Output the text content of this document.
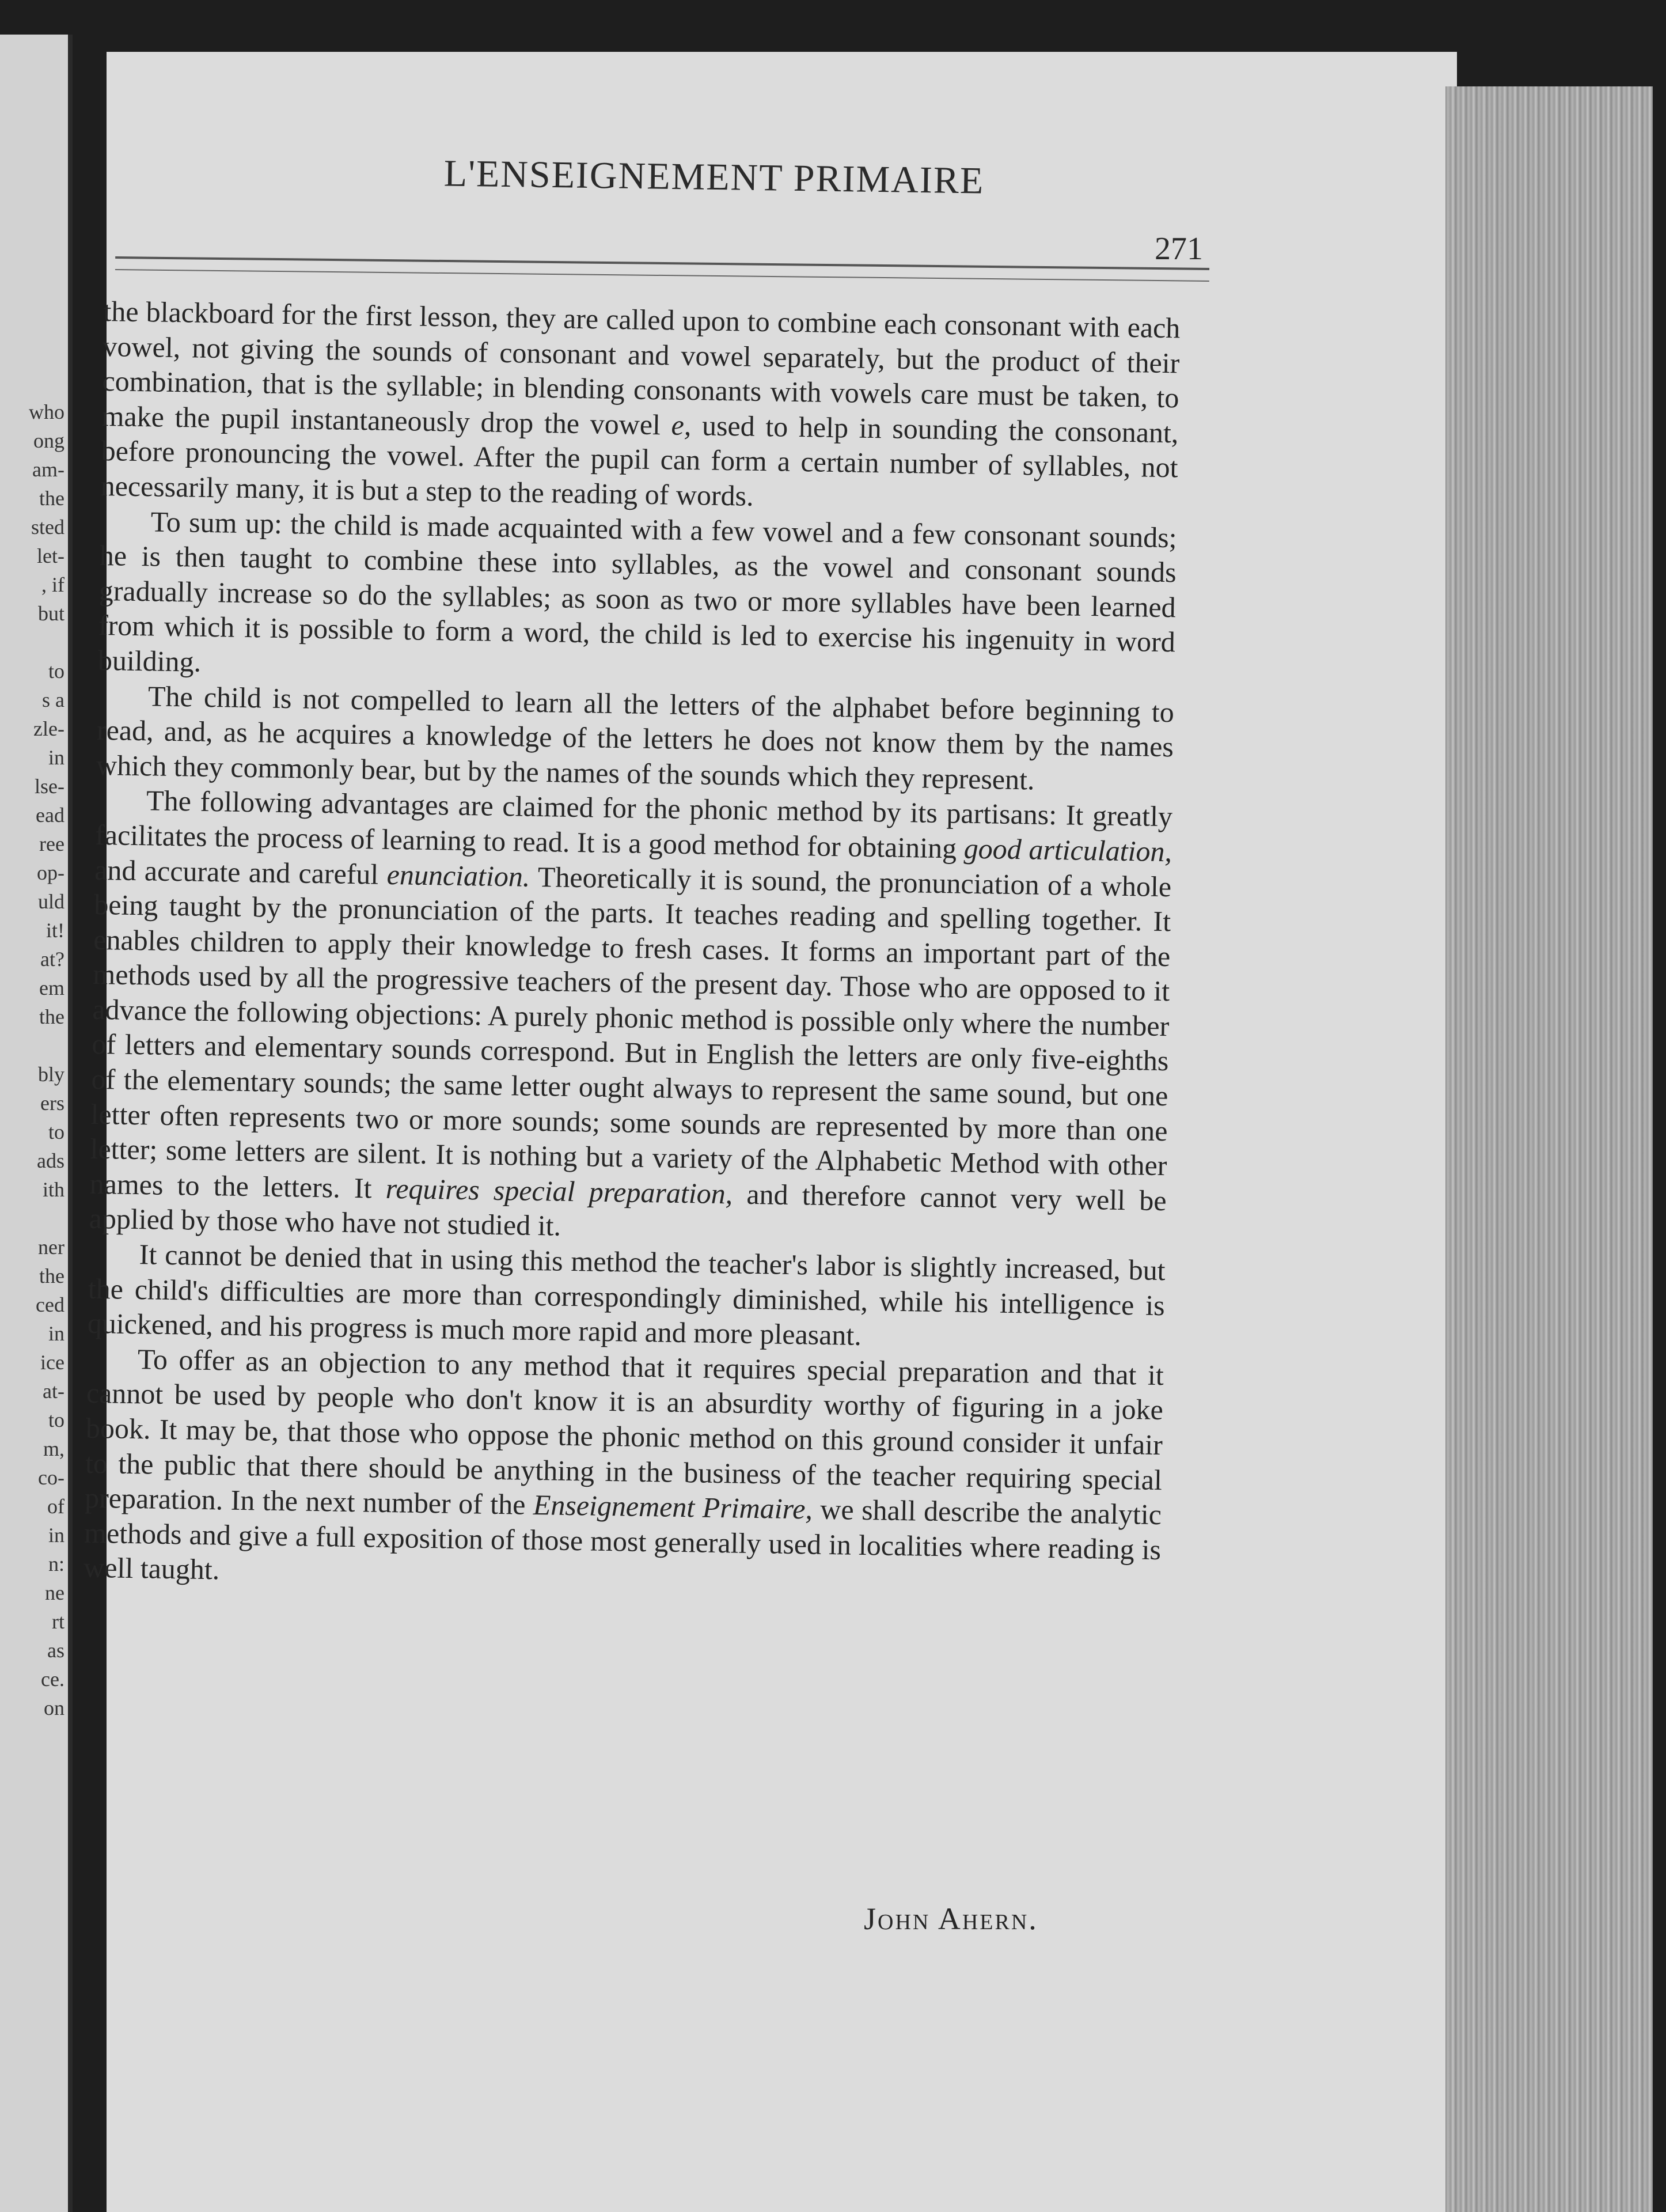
who
ong
am-
the
sted
let-
, if
but

to
s a
zle-
in
lse-
ead
ree
op-
uld
it!
at?
em
the

bly
ers
to
ads
ith

ner
the
ced
in
ice
at-
to
m,
co-
of
in
n:
ne
rt
as
ce.
on
L'ENSEIGNEMENT PRIMAIRE
271

the blackboard for the first lesson, they are called upon to combine each consonant with each vowel, not giving the sounds of consonant and vowel separately, but the product of their combination, that is the syllable; in blending consonants with vowels care must be taken, to make the pupil instantaneously drop the vowel e, used to help in sounding the consonant, before pronouncing the vowel. After the pupil can form a certain number of syllables, not necessarily many, it is but a step to the reading of words.

To sum up: the child is made acquainted with a few vowel and a few consonant sounds; he is then taught to combine these into syllables, as the vowel and consonant sounds gradually increase so do the syllables; as soon as two or more syllables have been learned from which it is possible to form a word, the child is led to exercise his ingenuity in word building.

The child is not compelled to learn all the letters of the alphabet before beginning to read, and, as he acquires a knowledge of the letters he does not know them by the names which they commonly bear, but by the names of the sounds which they represent.

The following advantages are claimed for the phonic method by its partisans: It greatly facilitates the process of learning to read. It is a good method for obtaining good articulation, and accurate and careful enunciation. Theoretically it is sound, the pronunciation of a whole being taught by the pronunciation of the parts. It teaches reading and spelling together. It enables children to apply their knowledge to fresh cases. It forms an important part of the methods used by all the progressive teachers of the present day. Those who are opposed to it advance the following objections: A purely phonic method is possible only where the number of letters and elementary sounds correspond. But in English the letters are only five-eighths of the elementary sounds; the same letter ought always to represent the same sound, but one letter often represents two or more sounds; some sounds are represented by more than one letter; some letters are silent. It is nothing but a variety of the Alphabetic Method with other names to the letters. It requires special preparation, and therefore cannot very well be applied by those who have not studied it.

It cannot be denied that in using this method the teacher's labor is slightly increased, but the child's difficulties are more than correspondingly diminished, while his intelligence is quickened, and his progress is much more rapid and more pleasant.

To offer as an objection to any method that it requires special preparation and that it cannot be used by people who don't know it is an absurdity worthy of figuring in a joke book. It may be, that those who oppose the phonic method on this ground consider it unfair to the public that there should be anything in the business of the teacher requiring special preparation. In the next number of the Enseignement Primaire, we shall describe the analytic methods and give a full exposition of those most generally used in localities where reading is well taught.

John Ahern.
